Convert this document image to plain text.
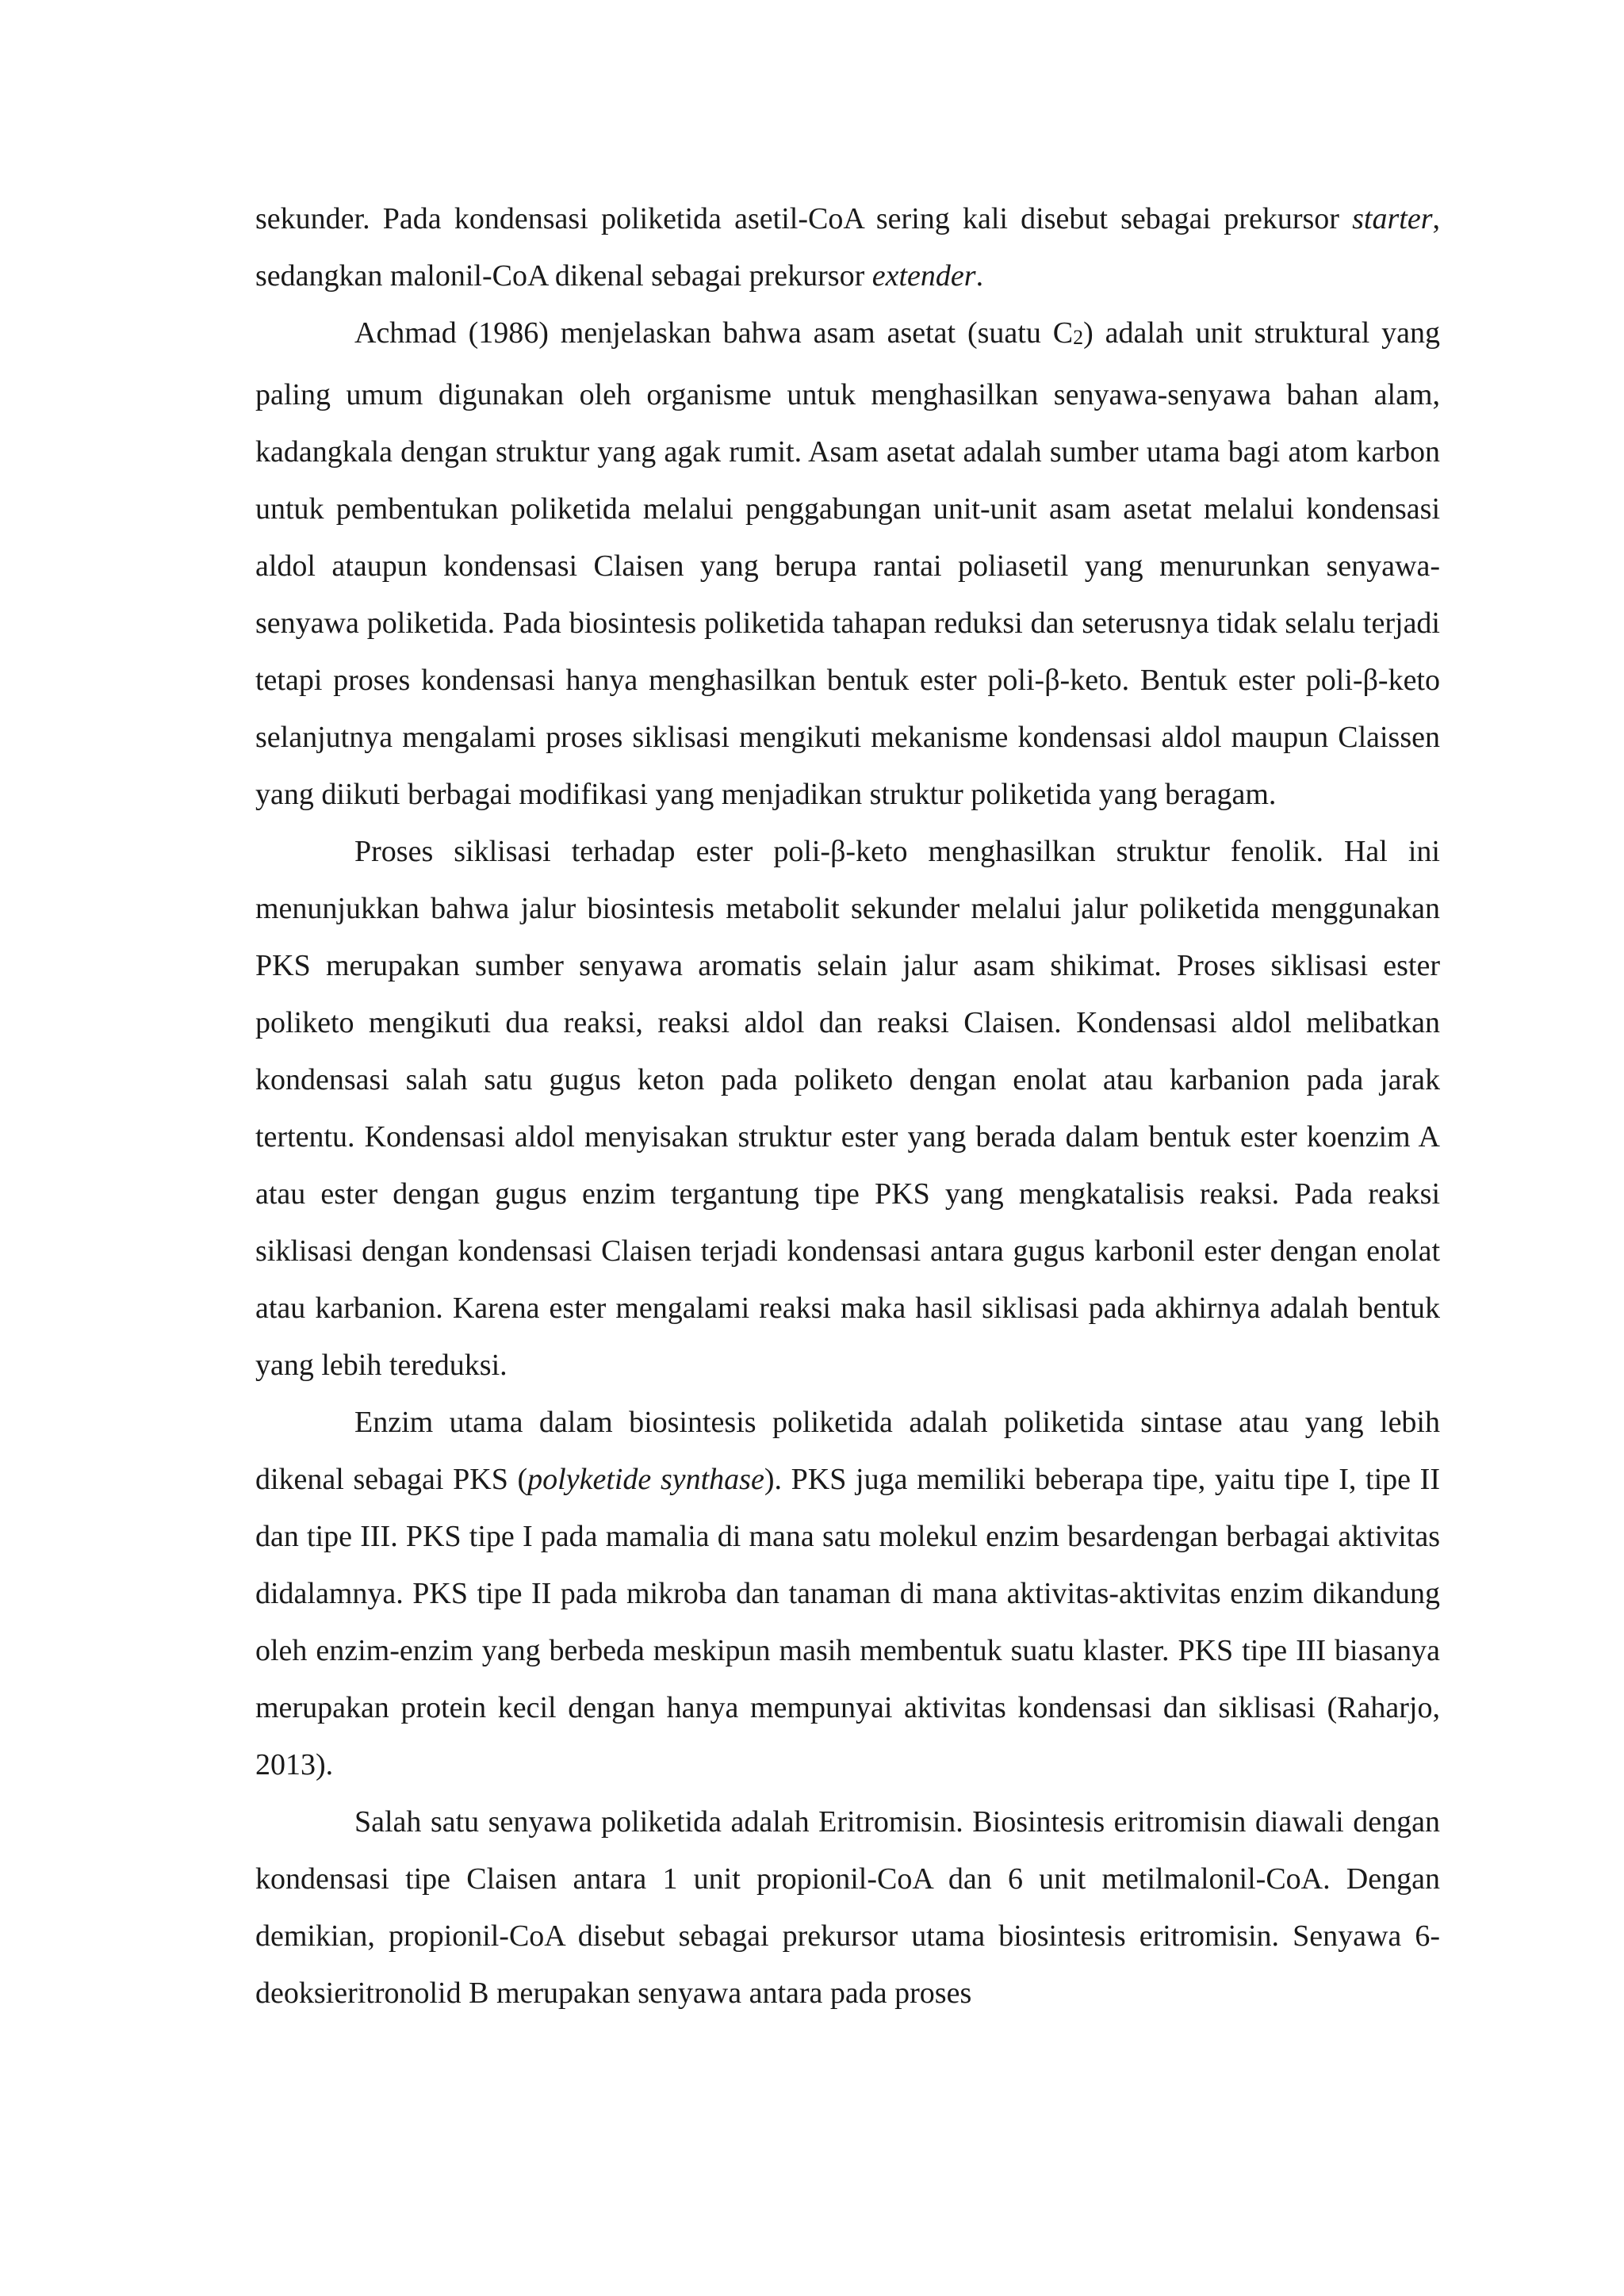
sekunder. Pada kondensasi poliketida asetil-CoA sering kali disebut sebagai prekursor starter, sedangkan malonil-CoA dikenal sebagai prekursor extender.

Achmad (1986) menjelaskan bahwa asam asetat (suatu C2) adalah unit struktural yang paling umum digunakan oleh organisme untuk menghasilkan senyawa-senyawa bahan alam, kadangkala dengan struktur yang agak rumit. Asam asetat adalah sumber utama bagi atom karbon untuk pembentukan poliketida melalui penggabungan unit-unit asam asetat melalui kondensasi aldol ataupun kondensasi Claisen yang berupa rantai poliasetil yang menurunkan senyawa-senyawa poliketida. Pada biosintesis poliketida tahapan reduksi dan seterusnya tidak selalu terjadi tetapi proses kondensasi hanya menghasilkan bentuk ester poli-β-keto. Bentuk ester poli-β-keto selanjutnya mengalami proses siklisasi mengikuti mekanisme kondensasi aldol maupun Claissen yang diikuti berbagai modifikasi yang menjadikan struktur poliketida yang beragam.

Proses siklisasi terhadap ester poli-β-keto menghasilkan struktur fenolik. Hal ini menunjukkan bahwa jalur biosintesis metabolit sekunder melalui jalur poliketida menggunakan PKS merupakan sumber senyawa aromatis selain jalur asam shikimat. Proses siklisasi ester poliketo mengikuti dua reaksi, reaksi aldol dan reaksi Claisen. Kondensasi aldol melibatkan kondensasi salah satu gugus keton pada poliketo dengan enolat atau karbanion pada jarak tertentu. Kondensasi aldol menyisakan struktur ester yang berada dalam bentuk ester koenzim A atau ester dengan gugus enzim tergantung tipe PKS yang mengkatalisis reaksi. Pada reaksi siklisasi dengan kondensasi Claisen terjadi kondensasi antara gugus karbonil ester dengan enolat atau karbanion. Karena ester mengalami reaksi maka hasil siklisasi pada akhirnya adalah bentuk yang lebih tereduksi.

Enzim utama dalam biosintesis poliketida adalah poliketida sintase atau yang lebih dikenal sebagai PKS (polyketide synthase). PKS juga memiliki beberapa tipe, yaitu tipe I, tipe II dan tipe III. PKS tipe I pada mamalia di mana satu molekul enzim besardengan berbagai aktivitas didalamnya. PKS tipe II pada mikroba dan tanaman di mana aktivitas-aktivitas enzim dikandung oleh enzim-enzim yang berbeda meskipun masih membentuk suatu klaster. PKS tipe III biasanya merupakan protein kecil dengan hanya mempunyai aktivitas kondensasi dan siklisasi (Raharjo, 2013).

Salah satu senyawa poliketida adalah Eritromisin. Biosintesis eritromisin diawali dengan kondensasi tipe Claisen antara 1 unit propionil-CoA dan 6 unit metilmalonil-CoA. Dengan demikian, propionil-CoA disebut sebagai prekursor utama biosintesis eritromisin. Senyawa 6-deoksieritronolid B merupakan senyawa antara pada proses
